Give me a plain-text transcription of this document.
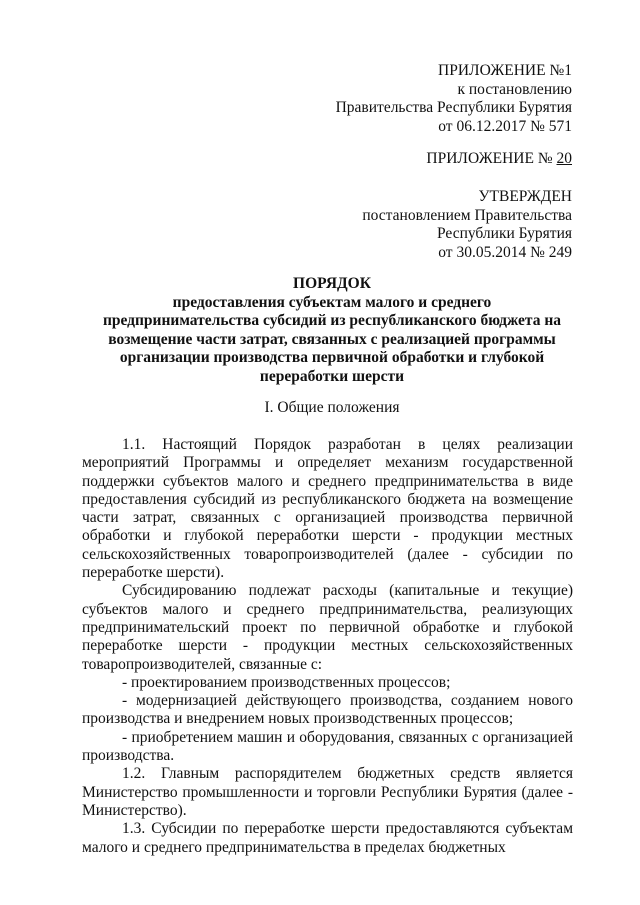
ПРИЛОЖЕНИЕ №1
к постановлению
Правительства Республики Бурятия
от 06.12.2017 № 571
ПРИЛОЖЕНИЕ № 20
УТВЕРЖДЕН
постановлением Правительства
Республики Бурятия
от 30.05.2014 № 249
ПОРЯДОК
предоставления субъектам малого и среднего
предпринимательства субсидий из республиканского бюджета на
возмещение части затрат, связанных с реализацией программы
организации производства первичной обработки и глубокой
переработки шерсти
I. Общие положения

1.1. Настоящий Порядок разработан в целях реализации мероприятий Программы и определяет механизм государственной поддержки субъектов малого и среднего предпринимательства в виде предоставления субсидий из республиканского бюджета на возмещение части затрат, связанных с организацией производства первичной обработки и глубокой переработки шерсти - продукции местных сельскохозяйственных товаропроизводителей (далее - субсидии по переработке шерсти).

Субсидированию подлежат расходы (капитальные и текущие) субъектов малого и среднего предпринимательства, реализующих предпринимательский проект по первичной обработке и глубокой переработке шерсти - продукции местных сельскохозяйственных товаропроизводителей, связанные с:

- проектированием производственных процессов;

- модернизацией действующего производства, созданием нового производства и внедрением новых производственных процессов;

- приобретением машин и оборудования, связанных с организацией производства.

1.2. Главным распорядителем бюджетных средств является Министерство промышленности и торговли Республики Бурятия (далее - Министерство).

1.3. Субсидии по переработке шерсти предоставляются субъектам малого и среднего предпринимательства в пределах бюджетных
